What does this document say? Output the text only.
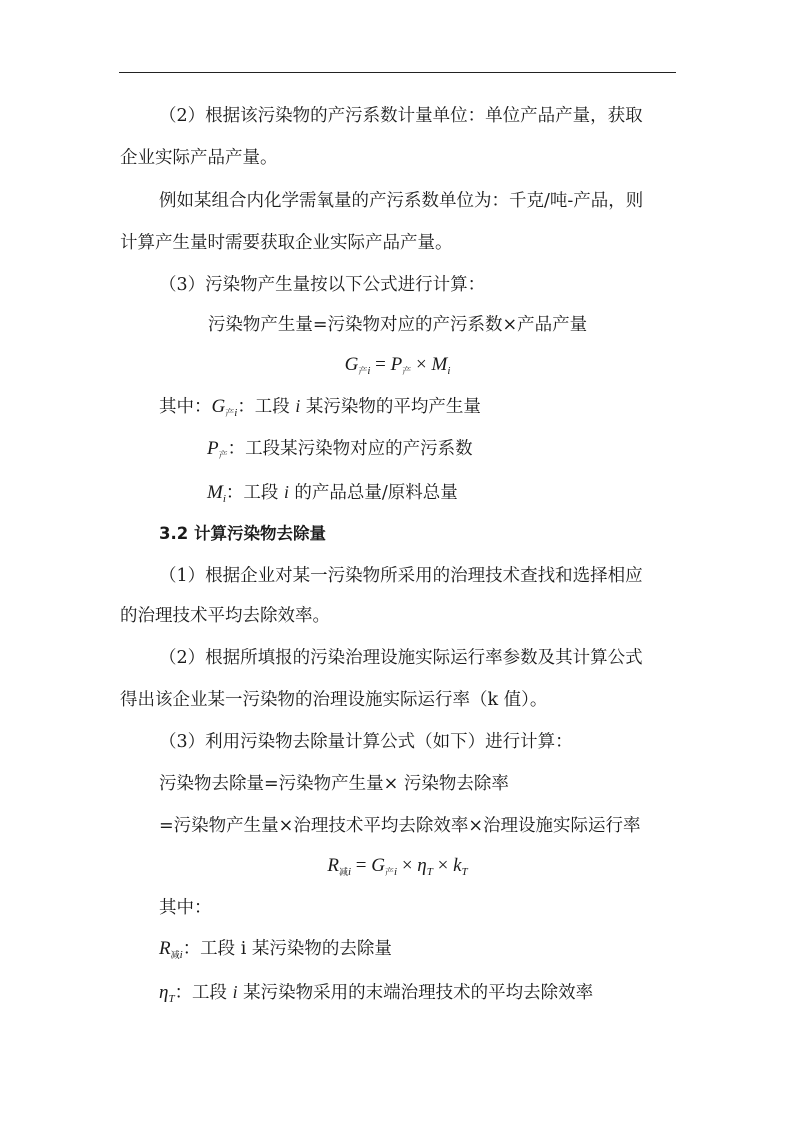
（2）根据该污染物的产污系数计量单位：单位产品产量，获取
企业实际产品产量。
例如某组合内化学需氧量的产污系数单位为：千克/吨-产品，则
计算产生量时需要获取企业实际产品产量。
（3）污染物产生量按以下公式进行计算：
污染物产生量=污染物对应的产污系数×产品产量
$G_{产i} = P_产 \times M_i$
其中：$G_{产i}$：工段 i 某污染物的平均产生量
$P_产$：工段某污染物对应的产污系数
$M_i$：工段 i 的产品总量/原料总量
3.2 计算污染物去除量
（1）根据企业对某一污染物所采用的治理技术查找和选择相应
的治理技术平均去除效率。
（2）根据所填报的污染治理设施实际运行率参数及其计算公式
得出该企业某一污染物的治理设施实际运行率（k 值）。
（3）利用污染物去除量计算公式（如下）进行计算：
污染物去除量=污染物产生量× 污染物去除率
=污染物产生量×治理技术平均去除效率×治理设施实际运行率
$R_{减i} = G_{产i} \times \eta_T \times k_T$
其中：
$R_{减i}$：工段 i 某污染物的去除量
$\eta_T$：工段 i 某污染物采用的末端治理技术的平均去除效率
